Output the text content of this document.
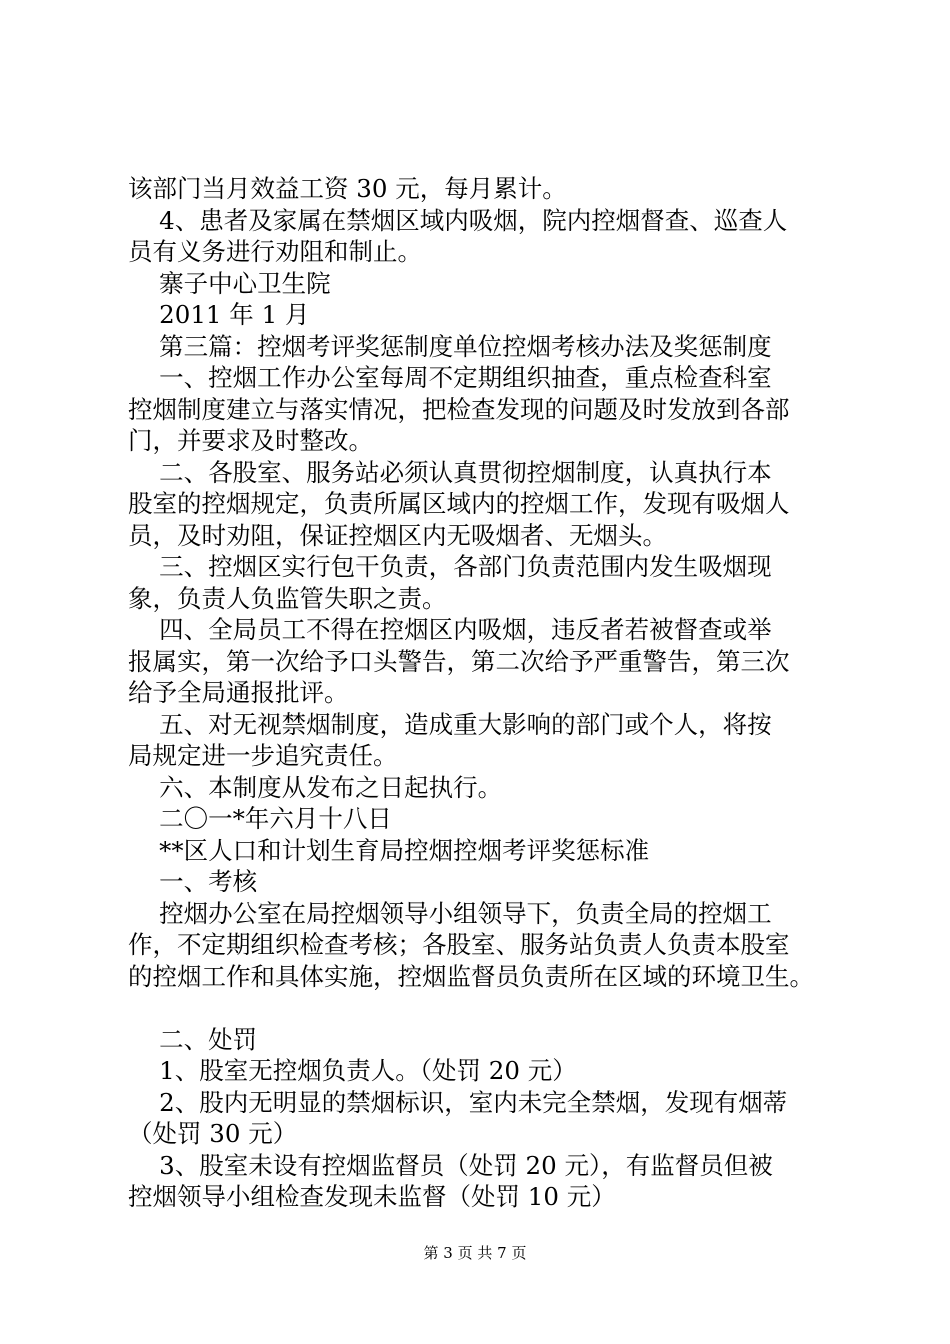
该部门当月效益工资 30 元，每月累计。
4、患者及家属在禁烟区域内吸烟，院内控烟督查、巡查人
员有义务进行劝阻和制止。
寨子中心卫生院
2011 年 1 月
第三篇：控烟考评奖惩制度单位控烟考核办法及奖惩制度
一、控烟工作办公室每周不定期组织抽查，重点检查科室
控烟制度建立与落实情况，把检查发现的问题及时发放到各部
门，并要求及时整改。
二、各股室、服务站必须认真贯彻控烟制度，认真执行本
股室的控烟规定，负责所属区域内的控烟工作，发现有吸烟人
员，及时劝阻，保证控烟区内无吸烟者、无烟头。
三、控烟区实行包干负责，各部门负责范围内发生吸烟现
象，负责人负监管失职之责。
四、全局员工不得在控烟区内吸烟，违反者若被督查或举
报属实，第一次给予口头警告，第二次给予严重警告，第三次
给予全局通报批评。
五、对无视禁烟制度，造成重大影响的部门或个人，将按
局规定进一步追究责任。
六、本制度从发布之日起执行。
二〇一*年六月十八日
**区人口和计划生育局控烟控烟考评奖惩标准
一、考核
控烟办公室在局控烟领导小组领导下，负责全局的控烟工
作，不定期组织检查考核；各股室、服务站负责人负责本股室
的控烟工作和具体实施，控烟监督员负责所在区域的环境卫生。
二、处罚
1、股室无控烟负责人。（处罚 20 元）
2、股内无明显的禁烟标识，室内未完全禁烟，发现有烟蒂
（处罚 30 元）
3、股室未设有控烟监督员（处罚 20 元），有监督员但被
控烟领导小组检查发现未监督（处罚 10 元）
第 3 页 共 7 页
